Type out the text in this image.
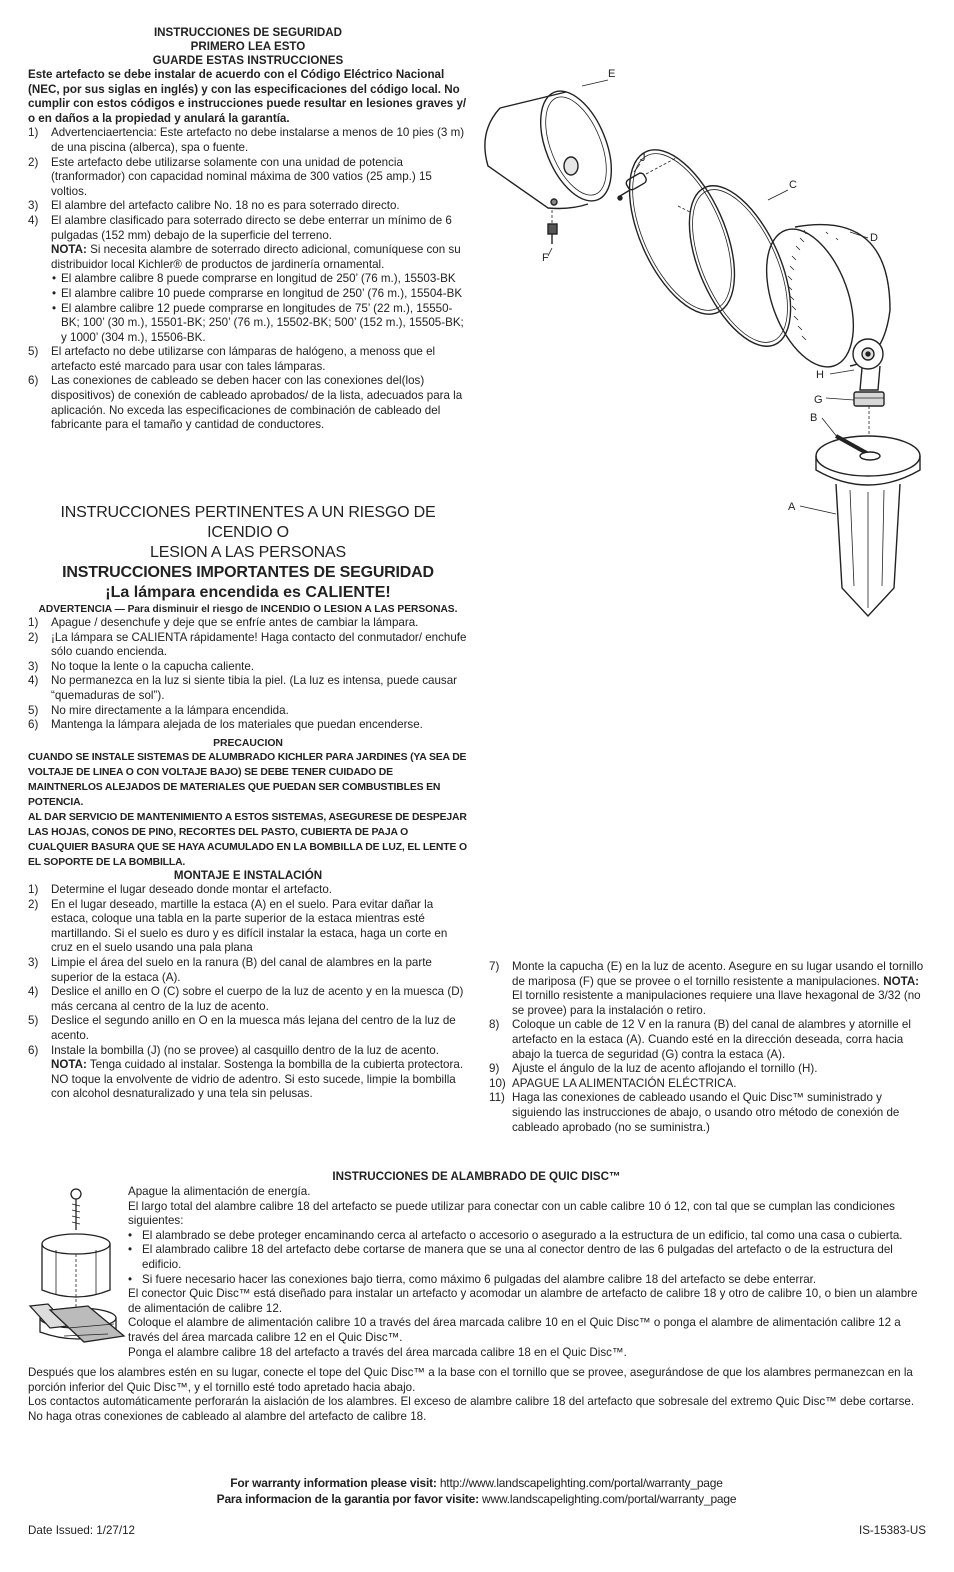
INSTRUCCIONES DE SEGURIDAD
PRIMERO LEA ESTO
GUARDE ESTAS INSTRUCCIONES
Este artefacto se debe instalar de acuerdo con el Código Eléctrico Nacional (NEC, por sus siglas en inglés) y con las especificaciones del código local. No cumplir con estos códigos e instrucciones puede resultar en lesiones graves y/ o en daños a la propiedad y anulará la garantía.
1)	Advertenciaertencia: Este artefacto no debe instalarse a menos de 10 pies (3 m) de una piscina (alberca), spa o fuente.
2)	Este artefacto debe utilizarse solamente con una unidad de potencia (tranformador) con capacidad nominal máxima de 300 vatios (25 amp.) 15 voltios.
3)	El alambre del artefacto calibre No. 18 no es para soterrado directo.
4)	El alambre clasificado para soterrado directo se debe enterrar un mínimo de 6 pulgadas (152 mm) debajo de la superficie del terreno.
NOTA: Si necesita alambre de soterrado directo adicional, comuníquese con su distribuidor local Kichler® de productos de jardinería ornamental.
• El alambre calibre 8 puede comprarse en longitud de 250’ (76 m.), 15503-BK
• El alambre calibre 10 puede comprarse en longitud de 250’ (76 m.), 15504-BK
• El alambre calibre 12 puede comprarse en longitudes de 75’ (22 m.), 15550-BK; 100’ (30 m.), 15501-BK; 250’ (76 m.), 15502-BK; 500’ (152 m.), 15505-BK; y 1000’ (304 m.), 15506-BK.
5)	El artefacto no debe utilizarse con lámparas de halógeno, a menoss que el artefacto esté marcado para usar con tales lámparas.
6)	Las conexiones de cableado se deben hacer con las conexiones del(los) dispositivos) de conexión de cableado aprobados/ de la lista, adecuados para la aplicación. No exceda las especificaciones de combinación de cableado del fabricante para el tamaño y cantidad de conductores.
INSTRUCCIONES PERTINENTES A UN RIESGO DE ICENDIO O
LESION A LAS PERSONAS
INSTRUCCIONES IMPORTANTES DE SEGURIDAD
¡La lámpara encendida es CALIENTE!
ADVERTENCIA — Para disminuir el riesgo de INCENDIO O LESION A LAS PERSONAS.
1)	Apague / desenchufe y deje que se enfríe antes de cambiar la lámpara.
2)	¡La lámpara se CALIENTA rápidamente! Haga contacto del conmutador/ enchufe sólo cuando encienda.
3)	No toque la lente o la capucha caliente.
4)	No permanezca en la luz si siente tibia la piel. (La luz es intensa, puede causar “quemaduras de sol”).
5)	No mire directamente a la lámpara encendida.
6)	Mantenga la lámpara alejada de los materiales que puedan encenderse.
PRECAUCION
CUANDO SE INSTALE SISTEMAS DE ALUMBRADO KICHLER PARA JARDINES (YA SEA DE VOLTAJE DE LINEA O CON VOLTAJE BAJO) SE DEBE TENER CUIDADO DE MAINTNERLOS ALEJADOS DE MATERIALES QUE PUEDAN SER COMBUSTIBLES EN POTENCIA.
AL DAR SERVICIO DE MANTENIMIENTO A ESTOS SISTEMAS, ASEGURESE DE DESPEJAR LAS HOJAS, CONOS DE PINO, RECORTES DEL PASTO, CUBIERTA DE PAJA O CUALQUIER BASURA QUE SE HAYA ACUMULADO EN LA BOMBILLA DE LUZ, EL LENTE O EL SOPORTE DE LA BOMBILLA.
MONTAJE E INSTALACIÓN
1)	Determine el lugar deseado donde montar el artefacto.
2)	En el lugar deseado, martille la estaca (A) en el suelo. Para evitar dañar la estaca, coloque una tabla en la parte superior de la estaca mientras esté martillando. Si el suelo es duro y es difícil instalar la estaca, haga un corte en cruz en el suelo usando una pala plana
3)	Limpie el área del suelo en la ranura (B) del canal de alambres en la parte superior de la estaca (A).
4)	Deslice el anillo en O (C) sobre el cuerpo de la luz de acento y en la muesca (D) más cercana al centro de la luz de acento.
5)	Deslice el segundo anillo en O en la muesca más lejana del centro de la luz de acento.
6)	Instale la bombilla (J) (no se provee) al casquillo dentro de la luz de acento. NOTA: Tenga cuidado al instalar. Sostenga la bombilla de la cubierta protectora. NO toque la envolvente de vidrio de adentro. Si esto sucede, limpie la bombilla con alcohol desnaturalizado y una tela sin pelusas.
7)	Monte la capucha (E) en la luz de acento. Asegure en su lugar usando el tornillo de mariposa (F) que se provee o el tornillo resistente a manipulaciones. NOTA: El tornillo resistente a manipulaciones requiere una llave hexagonal de 3/32 (no se provee) para la instalación o retiro.
8)	Coloque un cable de 12 V en la ranura (B) del canal de alambres y atornille el artefacto en la estaca (A). Cuando esté en la dirección deseada, corra hacia abajo la tuerca de seguridad (G) contra la estaca (A).
9)	Ajuste el ángulo de la luz de acento aflojando el tornillo (H).
10) APAGUE LA ALIMENTACIÓN ELÉCTRICA.
11) Haga las conexiones de cableado usando el Quic Disc™ suministrado y siguiendo las instrucciones de abajo, o usando otro método de conexión de cableado aprobado (no se suministra.)
E
J
C
D
H
G
B
A
F
INSTRUCCIONES DE ALAMBRADO DE QUIC DISC™
Apague la alimentación de energía.
El largo total del alambre calibre 18 del artefacto se puede utilizar para conectar con un cable calibre 10 ó 12, con tal que se cumplan las condiciones siguientes:
• El alambrado se debe proteger encaminando cerca al artefacto o accesorio o asegurado a la estructura de un edificio, tal como una casa o cubierta.
• El alambrado calibre 18 del artefacto debe cortarse de manera que se una al conector dentro de las 6 pulgadas del artefacto o de la estructura del edificio.
• Si fuere necesario hacer las conexiones bajo tierra, como máximo 6 pulgadas del alambre calibre 18 del artefacto se debe enterrar.
El conector Quic Disc™ está diseñado para instalar un artefacto y acomodar un alambre de artefacto de calibre 18 y otro de calibre 10, o bien un alambre de alimentación de calibre 12.
Coloque el alambre de alimentación calibre 10 a través del área marcada calibre 10 en el Quic Disc™ o ponga el alambre de alimentación calibre 12 a través del área marcada calibre 12 en el Quic Disc™.
Ponga el alambre calibre 18 del artefacto a través del área marcada calibre 18 en el Quic Disc™.
Después que los alambres estén en su lugar, conecte el tope del Quic Disc™ a la base con el tornillo que se provee, asegurándose de que los alambres permanezcan en la porción inferior del Quic Disc™, y el tornillo esté todo apretado hacia abajo.
Los contactos automáticamente perforarán la aislación de los alambres. El exceso de alambre calibre 18 del artefacto que sobresale del extremo Quic Disc™ debe cortarse.
No haga otras conexiones de cableado al alambre del artefacto de calibre 18.
For warranty information please visit: http://www.landscapelighting.com/portal/warranty_page
Para informacion de la garantia por favor visite: www.landscapelighting.com/portal/warranty_page
Date Issued: 1/27/12	IS-15383-US
